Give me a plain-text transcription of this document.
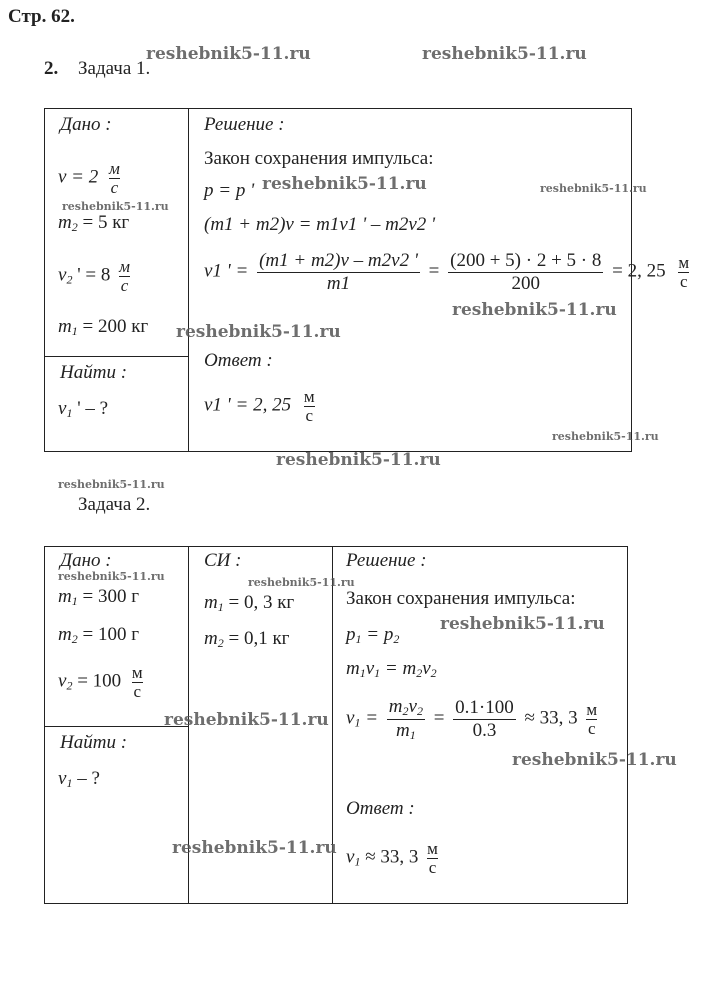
Стр. 62.
2. Задача 1.
Дано :
$v = 2 \frac{м}{с}$
$m_2 = 5$ кг
$v_2$ ' = $8 \frac{м}{с}$
$m_1 = 200$ кг
Найти :
$v_1$ ' – ?
Решение :
Закон сохранения импульса:
p = p '
(m1 + m2)v = m1v1 ' – m2v2 '
v1 ' = $\frac{(m1 + m2)v - m2v2 '}{m1} = \frac{(200 + 5) \cdot 2 + 5 \cdot 8}{200} = 2$, $25 \frac{м}{с}$
Ответ :
v1 ' = 2, $25 \frac{м}{с}$
Задача 2.
Дано :
$m_1 = 300$ г
$m_2 = 100$ г
$v_2 = 100 \frac{м}{с}$
СИ :
$m_1 = 0$, 3 кг
$m_2 = 0,1$ кг
Найти :
$v_1$ – ?
Решение :
Закон сохранения импульса:
$p_1 = p_2$
$m_1v_1 = m_2v_2$
$v_1 = \frac{m_2v_2}{m_1} = \frac{0.1\cdot 100}{0.3} \approx 33$, $3 \frac{м}{с}$
Ответ :
$v_1 \approx 33$, $3 \frac{м}{с}$
reshebnik5-11.ru	reshebnik5-11.ru
reshebnik5-11.ru	reshebnik5-11.ru
reshebnik5-11.ru
reshebnik5-11.ru
reshebnik5-11.ru
reshebnik5-11.ru
reshebnik5-11.ru
reshebnik5-11.ru
reshebnik5-11.ru	reshebnik5-11.ru
reshebnik5-11.ru
reshebnik5-11.ru
reshebnik5-11.ru
reshebnik5-11.ru
